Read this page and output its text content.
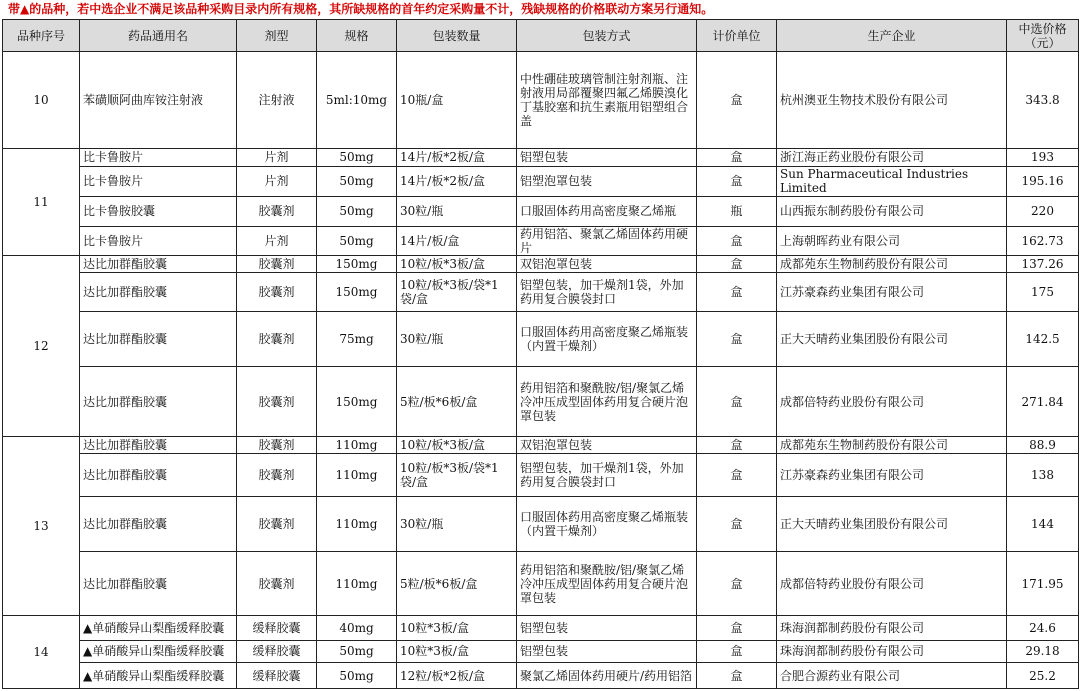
带▲的品种，若中选企业不满足该品种采购目录内所有规格，其所缺规格的首年约定采购量不计，残缺规格的价格联动方案另行通知。
品种序号	药品通用名	剂型	规格	包装数量	包装方式	计价单位	生产企业	中选价格（元）
10	苯磺顺阿曲库铵注射液	注射液	5ml:10mg	10瓶/盒	中性硼硅玻璃管制注射剂瓶、注射液用局部覆聚四氟乙烯膜溴化丁基胶塞和抗生素瓶用铝塑组合盖	盒	杭州澳亚生物技术股份有限公司	343.8
11	比卡鲁胺片	片剂	50mg	14片/板*2板/盒	铝塑包装	盒	浙江海正药业股份有限公司	193
	比卡鲁胺片	片剂	50mg	14片/板*2板/盒	铝塑泡罩包装	盒	Sun Pharmaceutical Industries Limited	195.16
	比卡鲁胺胶囊	胶囊剂	50mg	30粒/瓶	口服固体药用高密度聚乙烯瓶	瓶	山西振东制药股份有限公司	220
	比卡鲁胺片	片剂	50mg	14片/板/盒	药用铝箔、聚氯乙烯固体药用硬片	盒	上海朝晖药业有限公司	162.73
12	达比加群酯胶囊	胶囊剂	150mg	10粒/板*3板/盒	双铝泡罩包装	盒	成都苑东生物制药股份有限公司	137.26
	达比加群酯胶囊	胶囊剂	150mg	10粒/板*3板/袋*1袋/盒	铝塑包装，加干燥剂1袋，外加药用复合膜袋封口	盒	江苏豪森药业集团有限公司	175
	达比加群酯胶囊	胶囊剂	75mg	30粒/瓶	口服固体药用高密度聚乙烯瓶装（内置干燥剂）	盒	正大天晴药业集团股份有限公司	142.5
	达比加群酯胶囊	胶囊剂	150mg	5粒/板*6板/盒	药用铝箔和聚酰胺/铝/聚氯乙烯冷冲压成型固体药用复合硬片泡罩包装	盒	成都倍特药业股份有限公司	271.84
13	达比加群酯胶囊	胶囊剂	110mg	10粒/板*3板/盒	双铝泡罩包装	盒	成都苑东生物制药股份有限公司	88.9
	达比加群酯胶囊	胶囊剂	110mg	10粒/板*3板/袋*1袋/盒	铝塑包装，加干燥剂1袋，外加药用复合膜袋封口	盒	江苏豪森药业集团有限公司	138
	达比加群酯胶囊	胶囊剂	110mg	30粒/瓶	口服固体药用高密度聚乙烯瓶装（内置干燥剂）	盒	正大天晴药业集团股份有限公司	144
	达比加群酯胶囊	胶囊剂	110mg	5粒/板*6板/盒	药用铝箔和聚酰胺/铝/聚氯乙烯冷冲压成型固体药用复合硬片泡罩包装	盒	成都倍特药业股份有限公司	171.95
14	▲单硝酸异山梨酯缓释胶囊	缓释胶囊	40mg	10粒*3板/盒	铝塑包装	盒	珠海润都制药股份有限公司	24.6
	▲单硝酸异山梨酯缓释胶囊	缓释胶囊	50mg	10粒*3板/盒	铝塑包装	盒	珠海润都制药股份有限公司	29.18
	▲单硝酸异山梨酯缓释胶囊	缓释胶囊	50mg	12粒/板*2板/盒	聚氯乙烯固体药用硬片/药用铝箔	盒	合肥合源药业有限公司	25.2
